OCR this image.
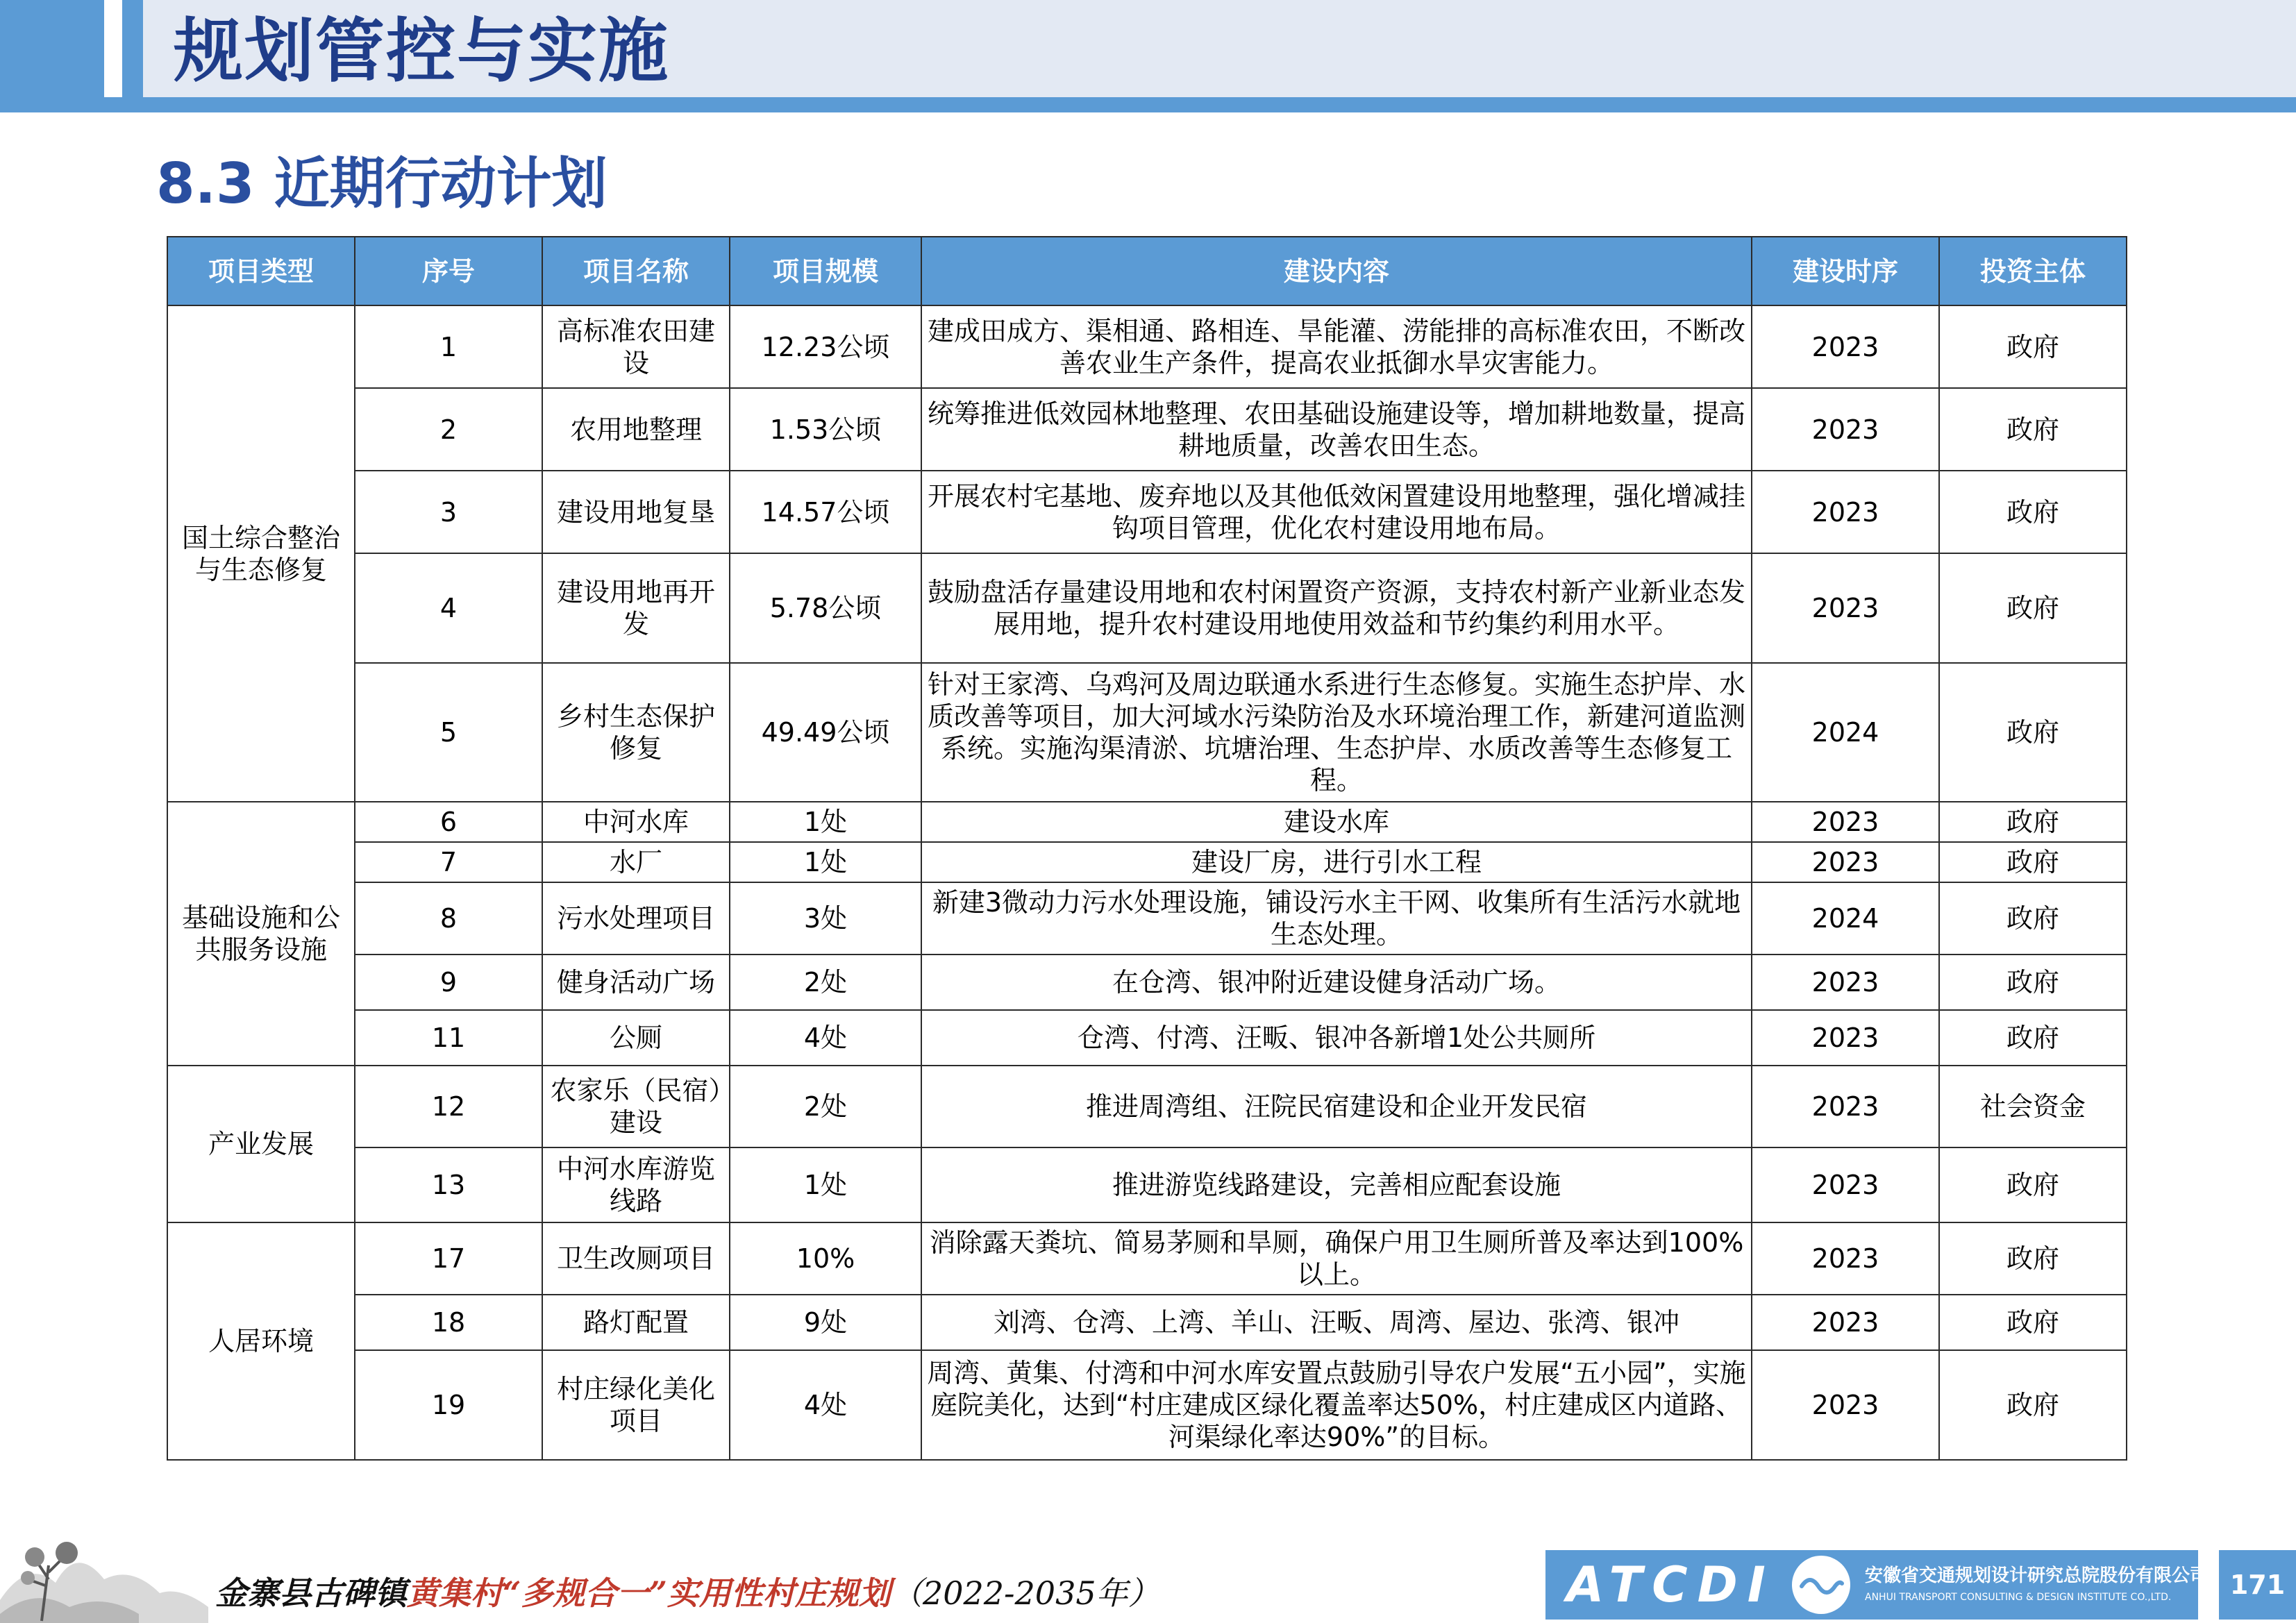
规划管控与实施
8.3 近期行动计划
项目类型	序号	项目名称	项目规模	建设内容	建设时序	投资主体
国土综合整治与生态修复	1	高标准农田建设	12.23公顷	建成田成方、渠相通、路相连、旱能灌、涝能排的高标准农田，不断改善农业生产条件，提高农业抵御水旱灾害能力。	2023	政府
	2	农用地整理	1.53公顷	统筹推进低效园林地整理、农田基础设施建设等，增加耕地数量，提高耕地质量，改善农田生态。	2023	政府
	3	建设用地复垦	14.57公顷	开展农村宅基地、废弃地以及其他低效闲置建设用地整理，强化增减挂钩项目管理，优化农村建设用地布局。	2023	政府
	4	建设用地再开发	5.78公顷	鼓励盘活存量建设用地和农村闲置资产资源，支持农村新产业新业态发展用地，提升农村建设用地使用效益和节约集约利用水平。	2023	政府
	5	乡村生态保护修复	49.49公顷	针对王家湾、乌鸡河及周边联通水系进行生态修复。实施生态护岸、水质改善等项目，加大河域水污染防治及水环境治理工作，新建河道监测系统。实施沟渠清淤、坑塘治理、生态护岸、水质改善等生态修复工程。	2024	政府
基础设施和公共服务设施	6	中河水库	1处	建设水库	2023	政府
	7	水厂	1处	建设厂房，进行引水工程	2023	政府
	8	污水处理项目	3处	新建3微动力污水处理设施，铺设污水主干网、收集所有生活污水就地生态处理。	2024	政府
	9	健身活动广场	2处	在仓湾、银冲附近建设健身活动广场。	2023	政府
	11	公厕	4处	仓湾、付湾、汪畈、银冲各新增1处公共厕所	2023	政府
产业发展	12	农家乐（民宿）建设	2处	推进周湾组、汪院民宿建设和企业开发民宿	2023	社会资金
	13	中河水库游览线路	1处	推进游览线路建设，完善相应配套设施	2023	政府
人居环境	17	卫生改厕项目	10%	消除露天粪坑、简易茅厕和旱厕，确保户用卫生厕所普及率达到100%以上。	2023	政府
	18	路灯配置	9处	刘湾、仓湾、上湾、羊山、汪畈、周湾、屋边、张湾、银冲	2023	政府
	19	村庄绿化美化项目	4处	周湾、黄集、付湾和中河水库安置点鼓励引导农户发展“五小园”，实施庭院美化，达到“村庄建成区绿化覆盖率达50%，村庄建成区内道路、河渠绿化率达90%”的目标。	2023	政府
金寨县古碑镇黄集村“多规合一”实用性村庄规划（2022-2035年）	ATCDI	安徽省交通规划设计研究总院股份有限公司
ANHUI TRANSPORT CONSULTING & DESIGN INSTITUTE CO.,LTD.	171
